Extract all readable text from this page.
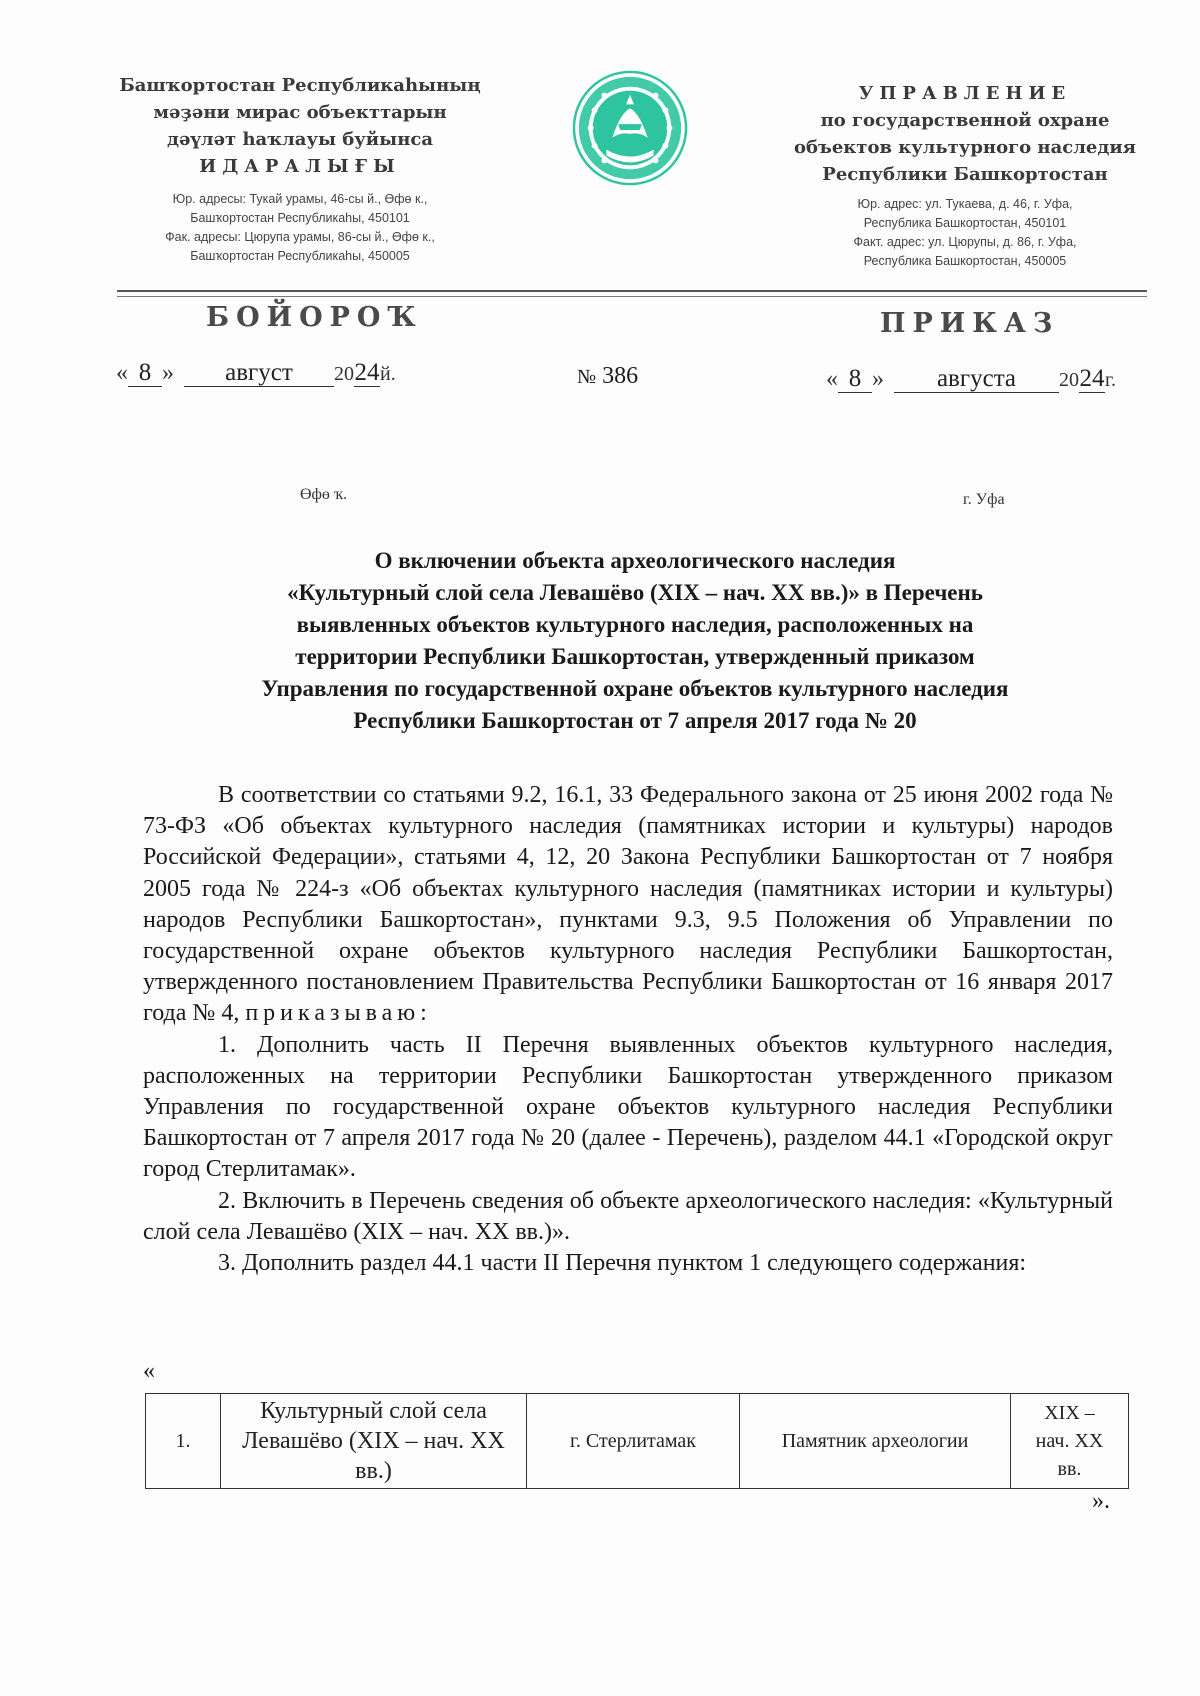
Башҡортостан Республикаһының
мәҙәни мирас объекттарын
дәүләт һаҡлауы буйынса
ИДАРАЛЫҒЫ
Юр. адресы: Тукай урамы, 46-сы й., Өфө к.,
Башҡортостан Республикаһы, 450101
Фак. адресы: Цюрупа урамы, 86-сы й., Өфө к.,
Башҡортостан Республикаһы, 450005
УПРАВЛЕНИЕ
по государственной охране
объектов культурного наследия
Республики Башкортостан
Юр. адрес: ул. Тукаева, д. 46, г. Уфа,
Республика Башкортостан, 450101
Факт. адрес: ул. Цюрупы, д. 86, г. Уфа,
Республика Башкортостан, 450005
БОЙОРОҠ	ПРИКАЗ
« 8 » август 2024й.	№ 386	« 8 » августа 2024г.
Өфө ҡ.	г. Уфа
О включении объекта археологического наследия
«Культурный слой села Левашёво (XIX – нач. XX вв.)» в Перечень
выявленных объектов культурного наследия, расположенных на
территории Республики Башкортостан, утвержденный приказом
Управления по государственной охране объектов культурного наследия
Республики Башкортостан от 7 апреля 2017 года № 20

В соответствии со статьями 9.2, 16.1, 33 Федерального закона от 25 июня 2002 года № 73-ФЗ «Об объектах культурного наследия (памятниках истории и культуры) народов Российской Федерации», статьями 4, 12, 20 Закона Республики Башкортостан от 7 ноября 2005 года № 224-з «Об объектах культурного наследия (памятниках истории и культуры) народов Республики Башкортостан», пунктами 9.3, 9.5 Положения об Управлении по государственной охране объектов культурного наследия Республики Башкортостан, утвержденного постановлением Правительства Республики Башкортостан от 16 января 2017 года № 4, приказываю:

1. Дополнить часть II Перечня выявленных объектов культурного наследия, расположенных на территории Республики Башкортостан утвержденного приказом Управления по государственной охране объектов культурного наследия Республики Башкортостан от 7 апреля 2017 года № 20 (далее - Перечень), разделом 44.1 «Городской округ город Стерлитамак».

2. Включить в Перечень сведения об объекте археологического наследия: «Культурный слой села Левашёво (XIX – нач. XX вв.)».

3. Дополнить раздел 44.1 части II Перечня пунктом 1 следующего содержания:

«
».
1.	Культурный слой села Левашёво (XIX – нач. XX вв.)	г. Стерлитамак	Памятник археологии	XIX – нач. XX вв.
